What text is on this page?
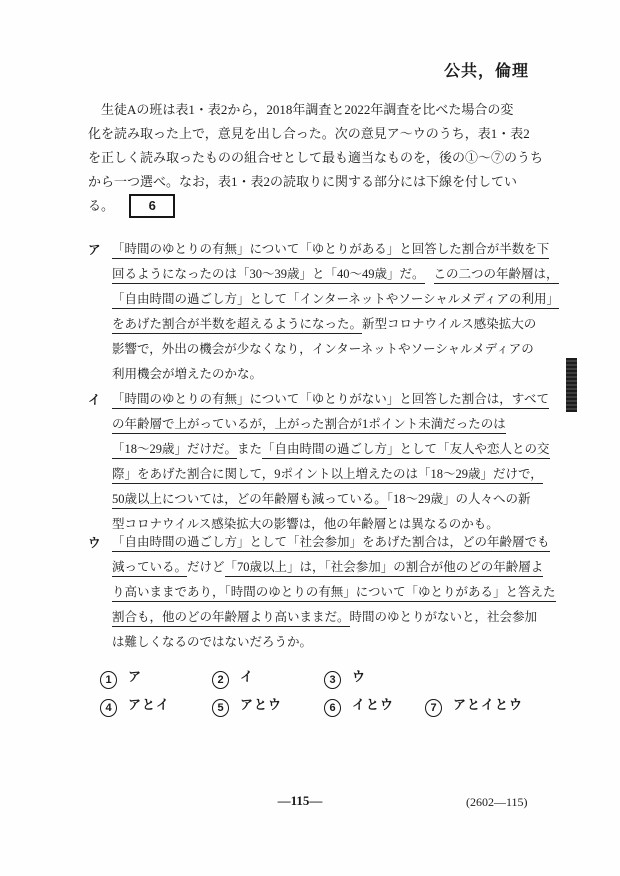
公共，倫理
生徒Aの班は表1・表2から，2018年調査と2022年調査を比べた場合の変
化を読み取った上で，意見を出し合った。次の意見ア～ウのうち，表1・表2
を正しく読み取ったものの組合せとして最も適当なものを，後の①～⑦のうち
から一つ選べ。なお，表1・表2の読取りに関する部分には下線を付してい
る。	6
ア 「時間のゆとりの有無」について「ゆとりがある」と回答した割合が半数を下
回るようになったのは「30～39歳」と「40～49歳」だ。 この二つの年齢層は，
「自由時間の過ごし方」として「インターネットやソーシャルメディアの利用」
をあげた割合が半数を超えるようになった。新型コロナウイルス感染拡大の
影響で，外出の機会が少なくなり，インターネットやソーシャルメディアの
利用機会が増えたのかな。
イ 「時間のゆとりの有無」について「ゆとりがない」と回答した割合は，すべて
の年齢層で上がっているが，上がった割合が1ポイント未満だったのは
「18～29歳」だけだ。また「自由時間の過ごし方」として「友人や恋人との交
際」をあげた割合に関して，9ポイント以上増えたのは「18～29歳」だけで，
50歳以上については，どの年齢層も減っている。「18～29歳」の人々への新
型コロナウイルス感染拡大の影響は，他の年齢層とは異なるのかも。
ウ 「自由時間の過ごし方」として「社会参加」をあげた割合は，どの年齢層でも
減っている。だけど「70歳以上」は，「社会参加」の割合が他のどの年齢層よ
り高いままであり，「時間のゆとりの有無」について「ゆとりがある」と答えた
割合も，他のどの年齢層より高いままだ。時間のゆとりがないと，社会参加
は難しくなるのではないだろうか。
1 ア	2 イ	3 ウ
4 アとイ	5 アとウ	6 イとウ	7 アとイとウ
—115—	(2602—115)
